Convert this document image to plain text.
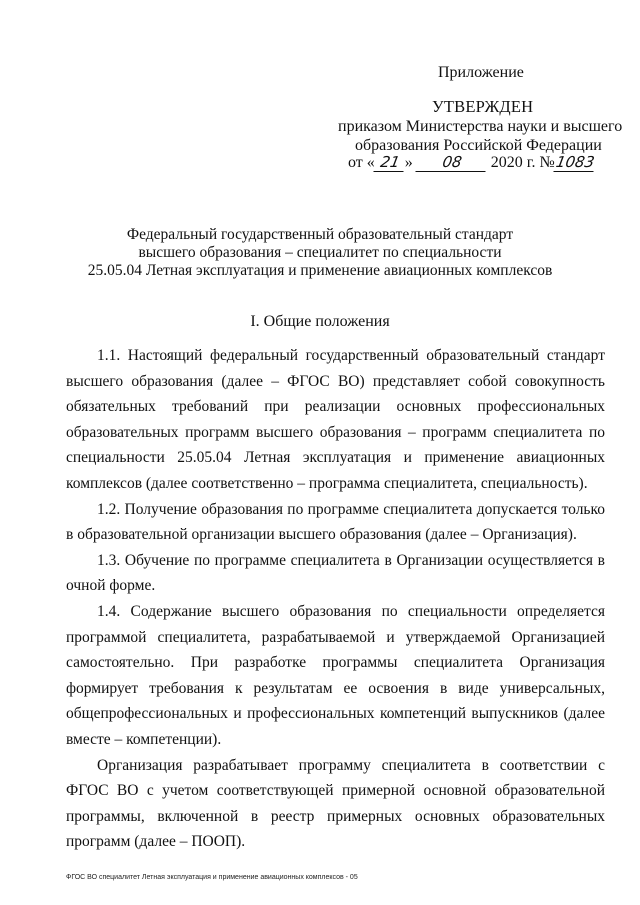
Приложение
УТВЕРЖДЕН
приказом Министерства науки и высшего
образования Российской Федерации
от « 21 » 08 2020 г. №1083
Федеральный государственный образовательный стандарт
высшего образования – специалитет по специальности
25.05.04 Летная эксплуатация и применение авиационных комплексов
I. Общие положения

1.1. Настоящий федеральный государственный образовательный стандарт высшего образования (далее – ФГОС ВО) представляет собой совокупность обязательных требований при реализации основных профессиональных образовательных программ высшего образования – программ специалитета по специальности 25.05.04 Летная эксплуатация и применение авиационных комплексов (далее соответственно – программа специалитета, специальность).

1.2. Получение образования по программе специалитета допускается только в образовательной организации высшего образования (далее – Организация).

1.3. Обучение по программе специалитета в Организации осуществляется в очной форме.

1.4. Содержание высшего образования по специальности определяется программой специалитета, разрабатываемой и утверждаемой Организацией самостоятельно. При разработке программы специалитета Организация формирует требования к результатам ее освоения в виде универсальных, общепрофессиональных и профессиональных компетенций выпускников (далее вместе – компетенции).

Организация разрабатывает программу специалитета в соответствии с ФГОС ВО с учетом соответствующей примерной основной образовательной программы, включенной в реестр примерных основных образовательных программ (далее – ПООП).

ФГОС ВО специалитет Летная эксплуатация и применение авиационных комплексов - 05
